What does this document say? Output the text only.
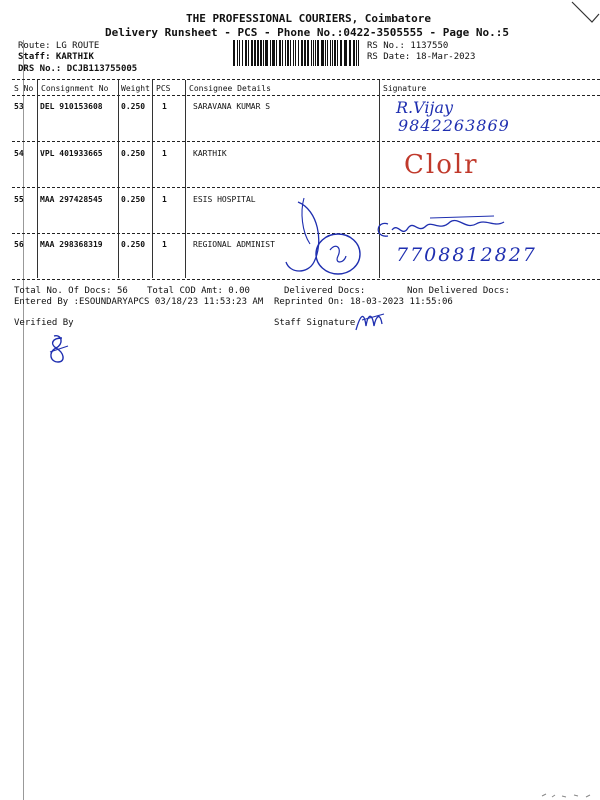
THE PROFESSIONAL COURIERS, Coimbatore
Delivery Runsheet - PCS - Phone No.:0422-3505555 - Page No.:5
Route: LG ROUTE
Staff: KARTHIK
DRS No.: DCJB113755005
RS No.: 1137550
RS Date: 18-Mar-2023
S No Consignment No Weight PCS Consignee Details	Signature
53 DEL 910153608 0.250 1	SARAVANA KUMAR S	R.Vijay
9842263869
54 VPL 401933665 0.250 1	KARTHIK	Clolr
55 MAA 297428545 0.250 1	ESIS HOSPITAL
56 MAA 298368319 0.250 1	REGIONAL ADMINIST	7708812827
Total No. Of Docs: 56 Total COD Amt: 0.00	Delivered Docs:	Non Delivered Docs:
Entered By :ESOUNDARYAPCS 03/18/23 11:53:23 AM Reprinted On: 18-03-2023 11:55:06
Verified By	Staff Signature
